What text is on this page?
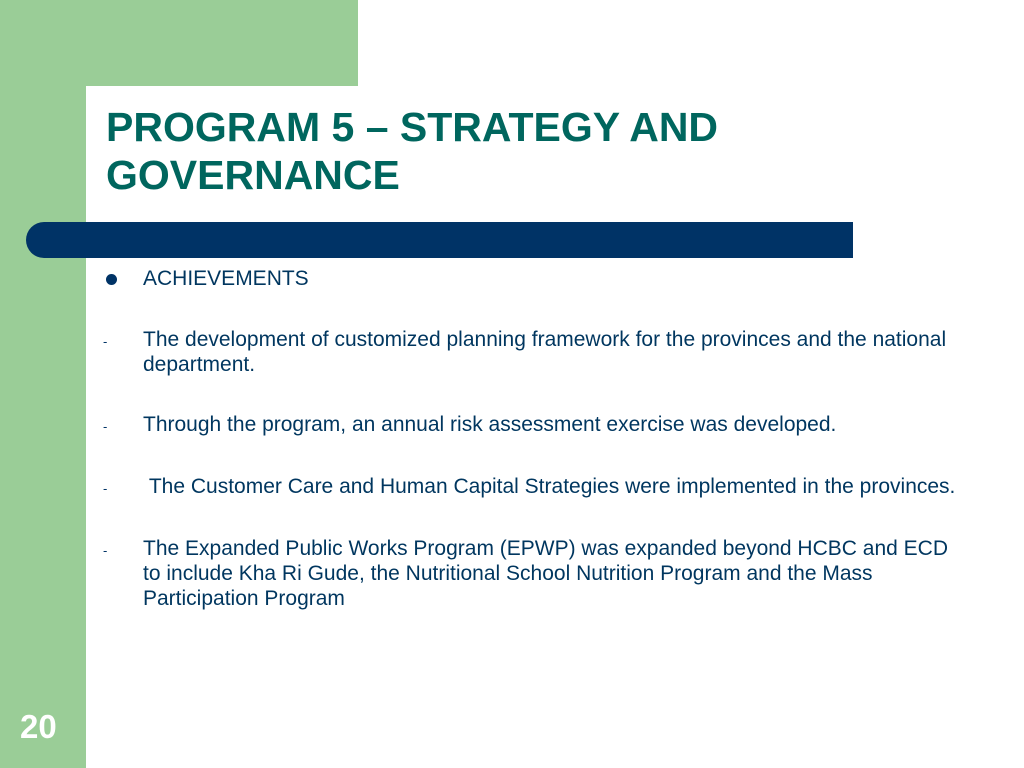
PROGRAM 5 – STRATEGY AND
GOVERNANCE
ACHIEVEMENTS
-	The development of customized planning framework for the provinces and the national department.
-	Through the program, an annual risk assessment exercise was developed.
-	The Customer Care and Human Capital Strategies were implemented in the provinces.
-	The Expanded Public Works Program (EPWP) was expanded beyond HCBC and ECD to include Kha Ri Gude, the Nutritional School Nutrition Program and the Mass Participation Program
20
